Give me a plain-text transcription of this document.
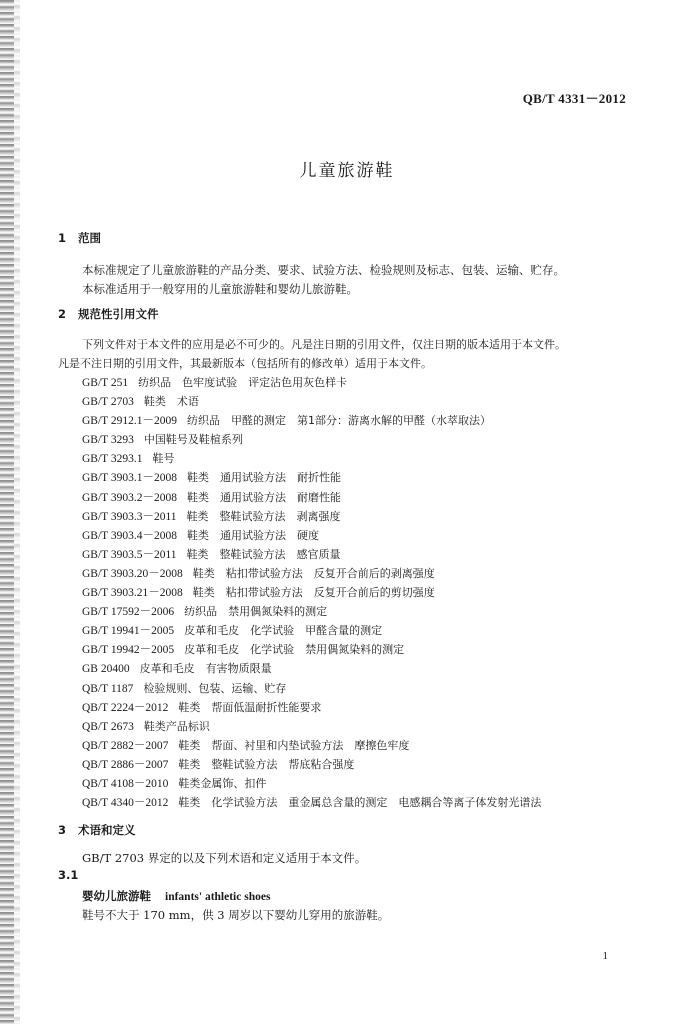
QB/T 4331－2012
儿童旅游鞋
1 范围
本标准规定了儿童旅游鞋的产品分类、要求、试验方法、检验规则及标志、包装、运输、贮存。
本标准适用于一般穿用的儿童旅游鞋和婴幼儿旅游鞋。
2 规范性引用文件
下列文件对于本文件的应用是必不可少的。凡是注日期的引用文件，仅注日期的版本适用于本文件。
凡是不注日期的引用文件，其最新版本（包括所有的修改单）适用于本文件。
GB/T 251 纺织品　色牢度试验　评定沾色用灰色样卡
GB/T 2703 鞋类　术语
GB/T 2912.1－2009 纺织品　甲醛的测定　第1部分：游离水解的甲醛（水萃取法）
GB/T 3293 中国鞋号及鞋楦系列
GB/T 3293.1 鞋号
GB/T 3903.1－2008 鞋类　通用试验方法　耐折性能
GB/T 3903.2－2008 鞋类　通用试验方法　耐磨性能
GB/T 3903.3－2011 鞋类　整鞋试验方法　剥离强度
GB/T 3903.4－2008 鞋类　通用试验方法　硬度
GB/T 3903.5－2011 鞋类　整鞋试验方法　感官质量
GB/T 3903.20－2008 鞋类　粘扣带试验方法　反复开合前后的剥离强度
GB/T 3903.21－2008 鞋类　粘扣带试验方法　反复开合前后的剪切强度
GB/T 17592－2006 纺织品　禁用偶氮染料的测定
GB/T 19941－2005 皮革和毛皮　化学试验　甲醛含量的测定
GB/T 19942－2005 皮革和毛皮　化学试验　禁用偶氮染料的测定
GB 20400 皮革和毛皮　有害物质限量
QB/T 1187 检验规则、包装、运输、贮存
QB/T 2224－2012 鞋类　帮面低温耐折性能要求
QB/T 2673 鞋类产品标识
QB/T 2882－2007 鞋类　帮面、衬里和内垫试验方法　摩擦色牢度
QB/T 2886－2007 鞋类　整鞋试验方法　帮底粘合强度
QB/T 4108－2010 鞋类金属饰、扣件
QB/T 4340－2012 鞋类　化学试验方法　重金属总含量的测定　电感耦合等离子体发射光谱法
3 术语和定义
GB/T 2703 界定的以及下列术语和定义适用于本文件。
3.1
婴幼儿旅游鞋 infants' athletic shoes
鞋号不大于 170 mm，供 3 周岁以下婴幼儿穿用的旅游鞋。
1
